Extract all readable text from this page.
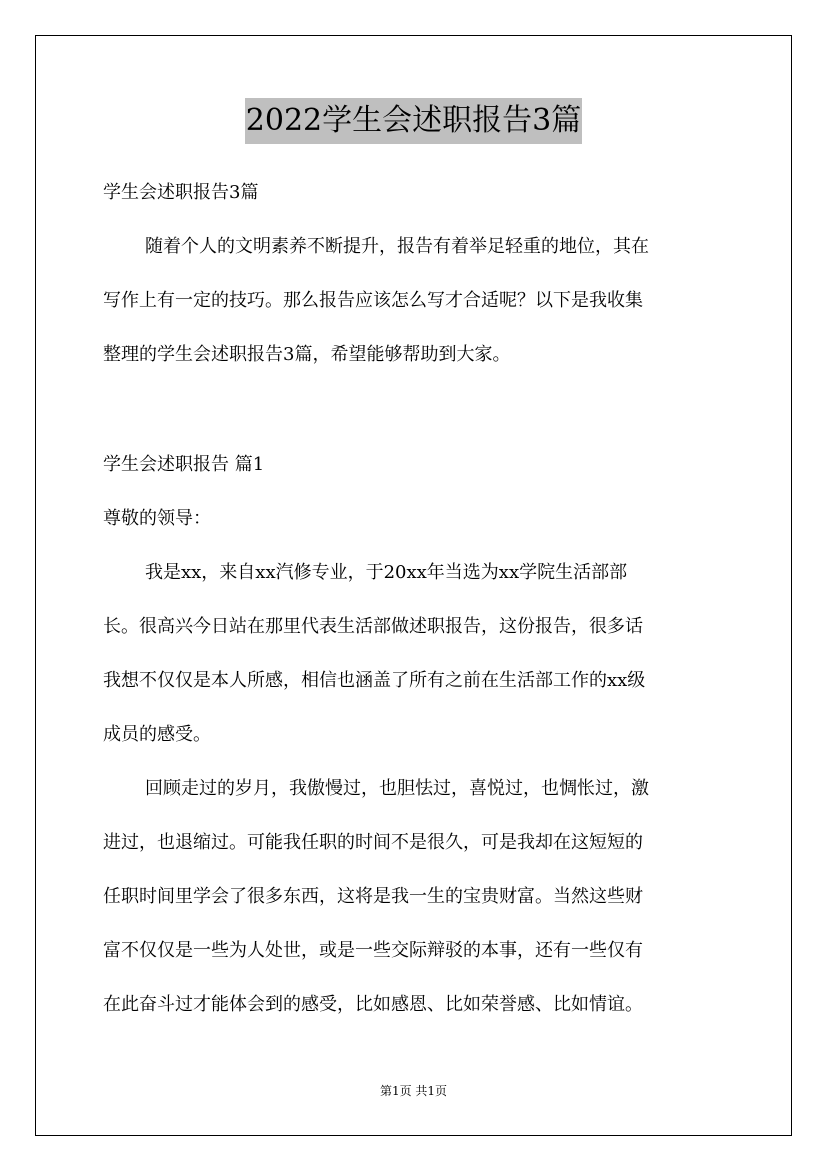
2022学生会述职报告3篇
学生会述职报告3篇
随着个人的文明素养不断提升，报告有着举足轻重的地位，其在
写作上有一定的技巧。那么报告应该怎么写才合适呢？以下是我收集
整理的学生会述职报告3篇，希望能够帮助到大家。
学生会述职报告 篇1
尊敬的领导：
我是xx，来自xx汽修专业，于20xx年当选为xx学院生活部部
长。很高兴今日站在那里代表生活部做述职报告，这份报告，很多话
我想不仅仅是本人所感，相信也涵盖了所有之前在生活部工作的xx级
成员的感受。
回顾走过的岁月，我傲慢过，也胆怯过，喜悦过，也惆怅过，激
进过，也退缩过。可能我任职的时间不是很久，可是我却在这短短的
任职时间里学会了很多东西，这将是我一生的宝贵财富。当然这些财
富不仅仅是一些为人处世，或是一些交际辩驳的本事，还有一些仅有
在此奋斗过才能体会到的感受，比如感恩、比如荣誉感、比如情谊。
第1页 共1页
